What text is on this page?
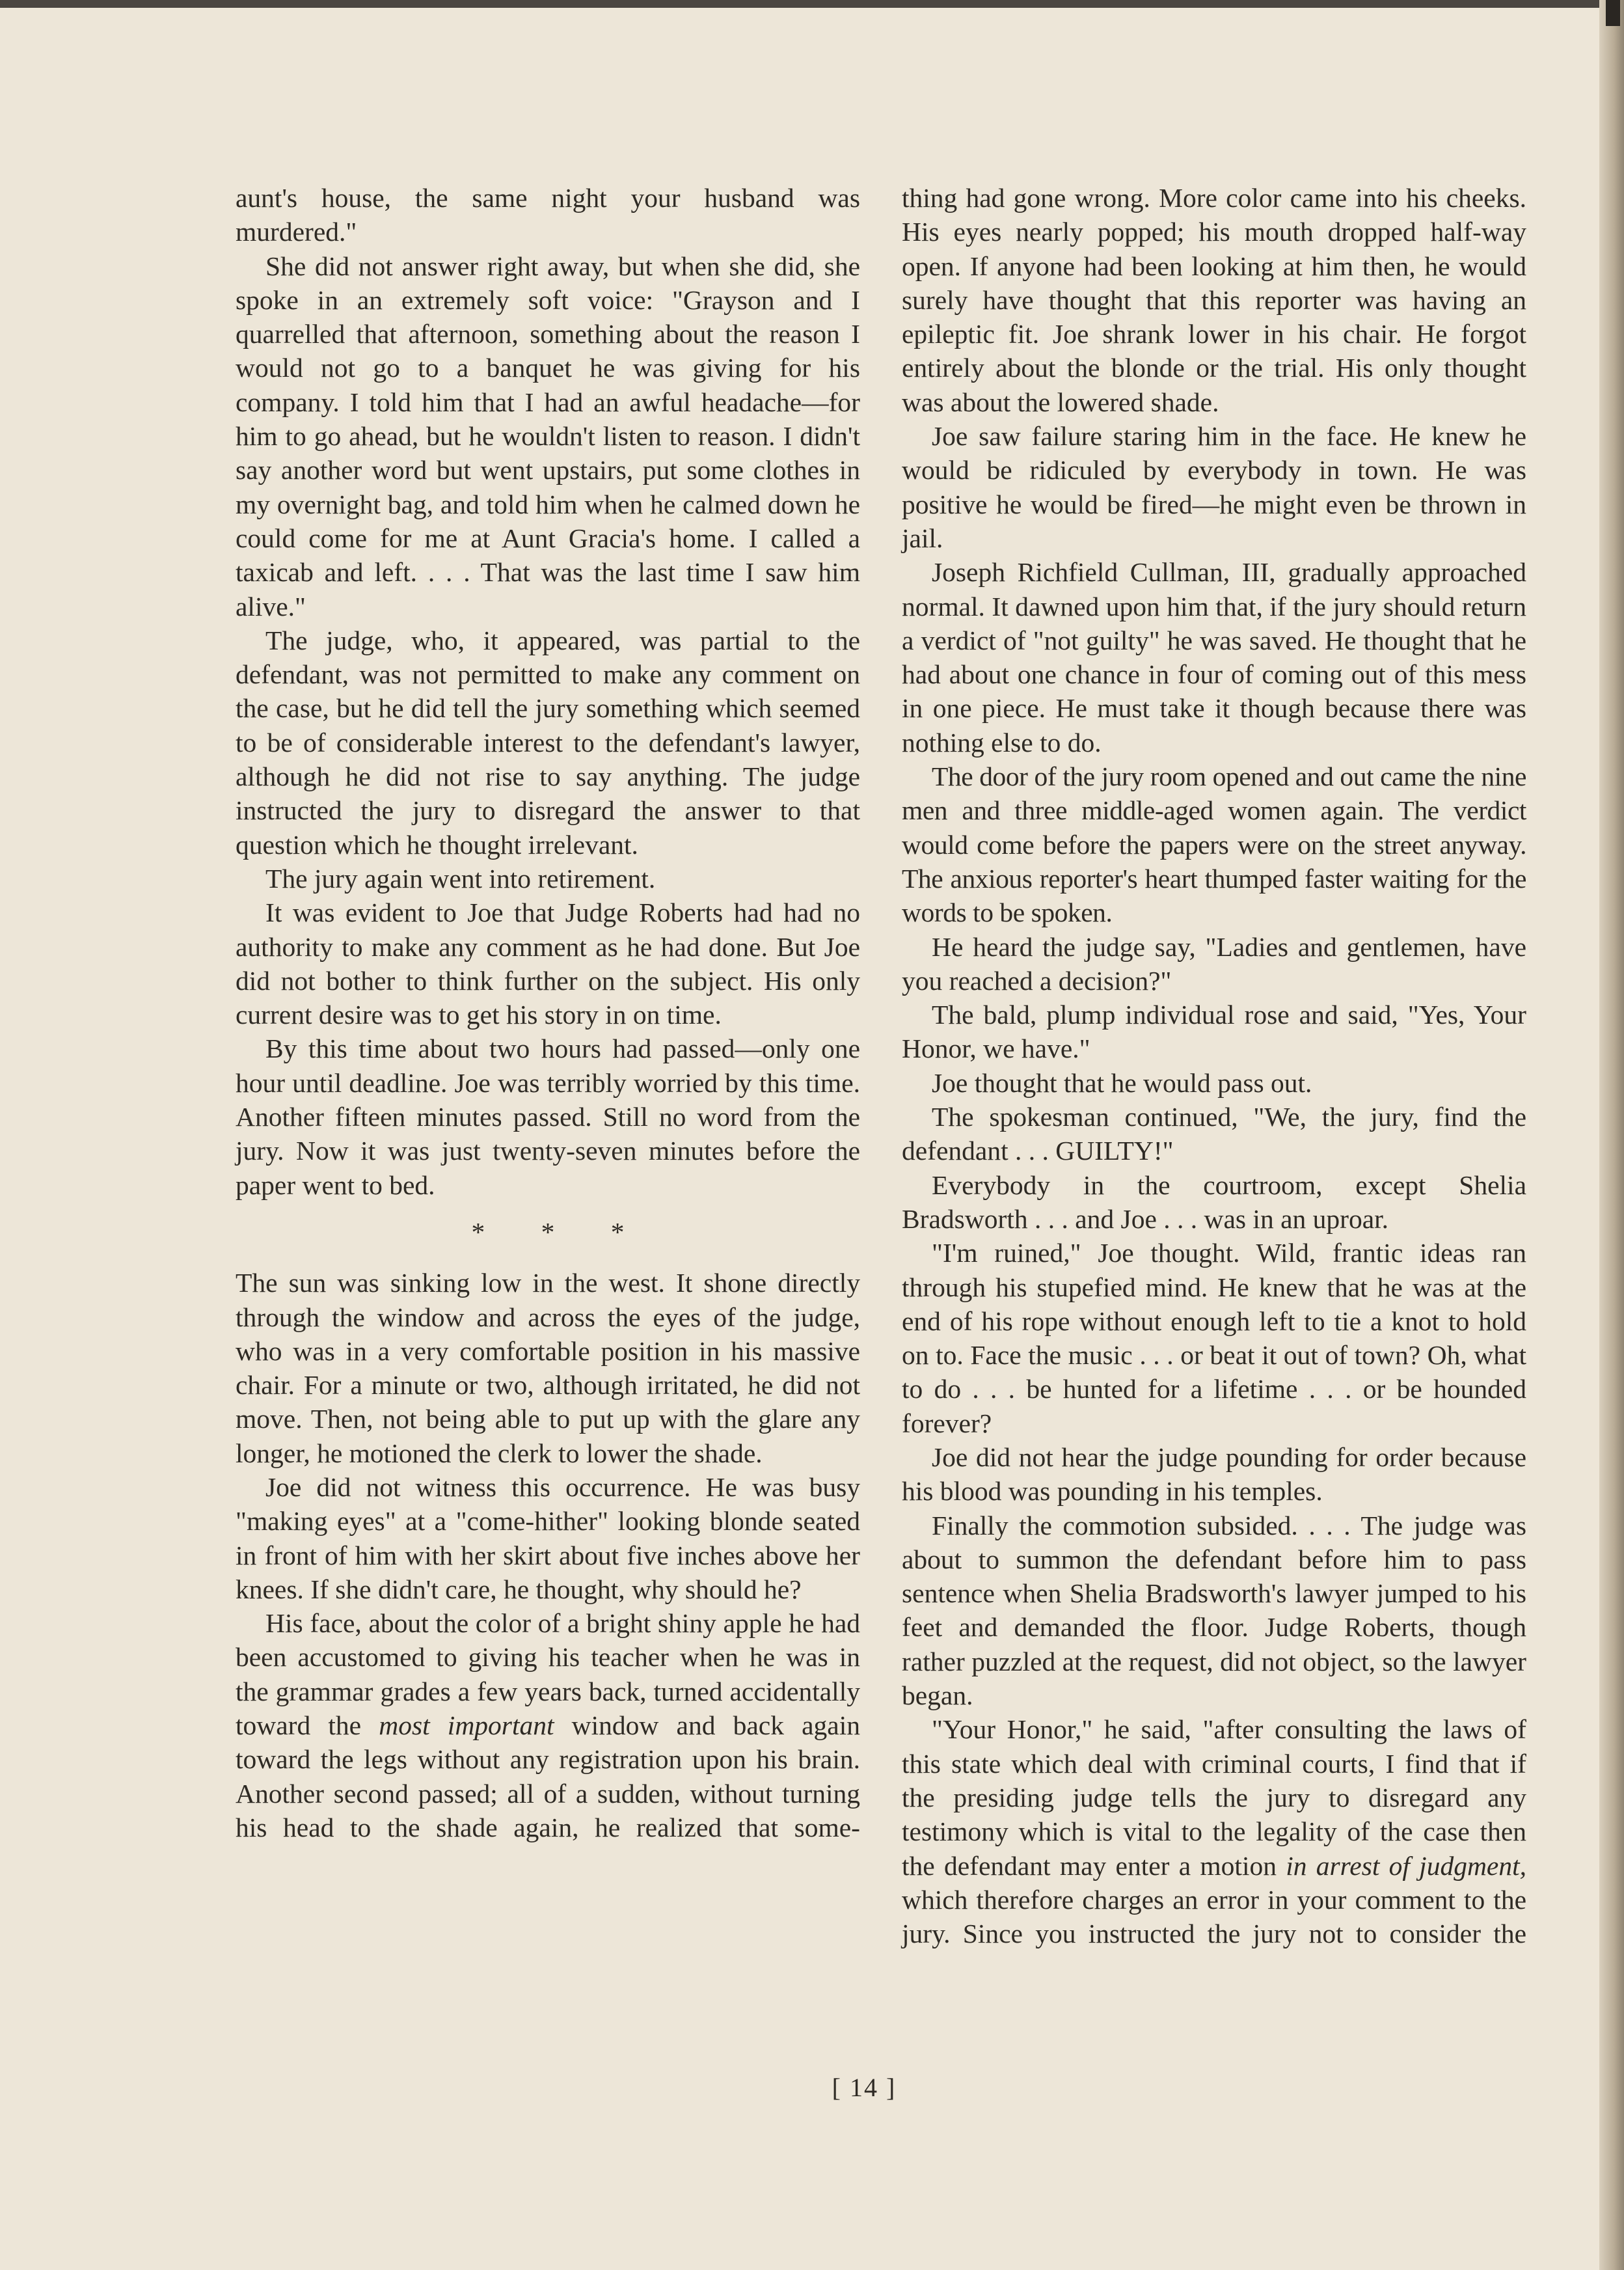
aunt's house, the same night your husband was murdered."

She did not answer right away, but when she did, she spoke in an extremely soft voice: "Grayson and I quarrelled that afternoon, something about the reason I would not go to a banquet he was giving for his company. I told him that I had an awful headache—for him to go ahead, but he wouldn't listen to reason. I didn't say another word but went upstairs, put some clothes in my overnight bag, and told him when he calmed down he could come for me at Aunt Gracia's home. I called a taxicab and left. . . . That was the last time I saw him alive."

The judge, who, it appeared, was partial to the defendant, was not permitted to make any comment on the case, but he did tell the jury something which seemed to be of considerable interest to the defendant's lawyer, although he did not rise to say anything. The judge instructed the jury to disregard the answer to that question which he thought irrelevant.

The jury again went into retirement.

It was evident to Joe that Judge Roberts had had no authority to make any comment as he had done. But Joe did not bother to think further on the subject. His only current desire was to get his story in on time.

By this time about two hours had passed—only one hour until deadline. Joe was terribly worried by this time. Another fifteen minutes passed. Still no word from the jury. Now it was just twenty-seven minutes before the paper went to bed.

* * *

The sun was sinking low in the west. It shone directly through the window and across the eyes of the judge, who was in a very comfortable position in his massive chair. For a minute or two, although irritated, he did not move. Then, not being able to put up with the glare any longer, he motioned the clerk to lower the shade.

Joe did not witness this occurrence. He was busy "making eyes" at a "come-hither" looking blonde seated in front of him with her skirt about five inches above her knees. If she didn't care, he thought, why should he?

His face, about the color of a bright shiny apple he had been accustomed to giving his teacher when he was in the grammar grades a few years back, turned accidentally toward the most important window and back again toward the legs without any registration upon his brain. Another second passed; all of a sudden, without turning his head to the shade again, he realized that some-

thing had gone wrong. More color came into his cheeks. His eyes nearly popped; his mouth dropped half-way open. If anyone had been looking at him then, he would surely have thought that this reporter was having an epileptic fit. Joe shrank lower in his chair. He forgot entirely about the blonde or the trial. His only thought was about the lowered shade.

Joe saw failure staring him in the face. He knew he would be ridiculed by everybody in town. He was positive he would be fired—he might even be thrown in jail.

Joseph Richfield Cullman, III, gradually approached normal. It dawned upon him that, if the jury should return a verdict of "not guilty" he was saved. He thought that he had about one chance in four of coming out of this mess in one piece. He must take it though because there was nothing else to do.

The door of the jury room opened and out came the nine men and three middle-aged women again. The verdict would come before the papers were on the street anyway. The anxious reporter's heart thumped faster waiting for the words to be spoken.

He heard the judge say, "Ladies and gentlemen, have you reached a decision?"

The bald, plump individual rose and said, "Yes, Your Honor, we have."

Joe thought that he would pass out.

The spokesman continued, "We, the jury, find the defendant . . . GUILTY!"

Everybody in the courtroom, except Shelia Bradsworth . . . and Joe . . . was in an uproar.

"I'm ruined," Joe thought. Wild, frantic ideas ran through his stupefied mind. He knew that he was at the end of his rope without enough left to tie a knot to hold on to. Face the music . . . or beat it out of town? Oh, what to do . . . be hunted for a lifetime . . . or be hounded forever?

Joe did not hear the judge pounding for order because his blood was pounding in his temples.

Finally the commotion subsided. . . . The judge was about to summon the defendant before him to pass sentence when Shelia Bradsworth's lawyer jumped to his feet and demanded the floor. Judge Roberts, though rather puzzled at the request, did not object, so the lawyer began.

"Your Honor," he said, "after consulting the laws of this state which deal with criminal courts, I find that if the presiding judge tells the jury to disregard any testimony which is vital to the legality of the case then the defendant may enter a motion in arrest of judgment, which therefore charges an error in your comment to the jury. Since you instructed the jury not to consider the

[ 14 ]
